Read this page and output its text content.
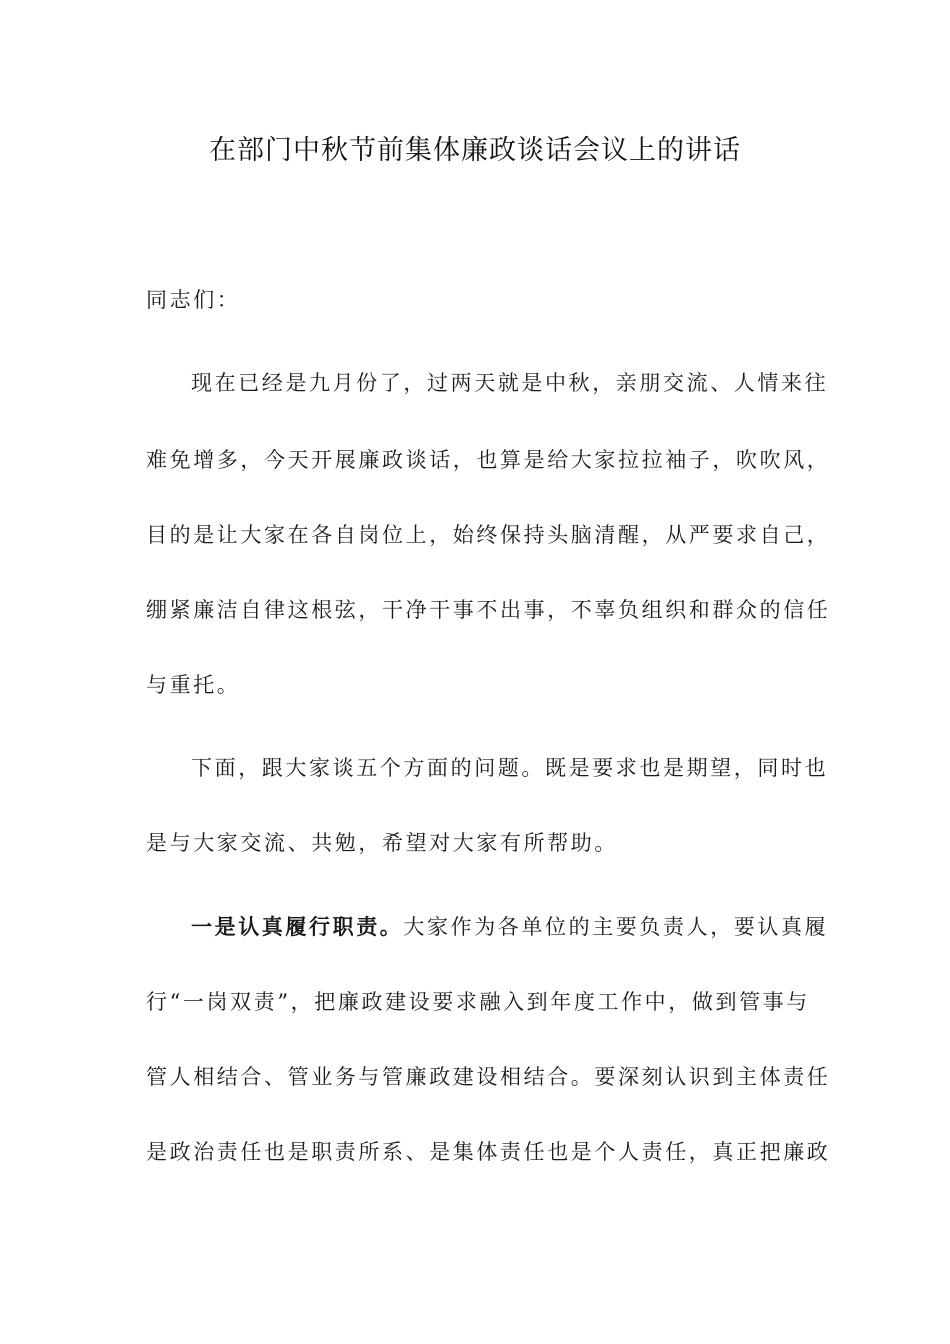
在部门中秋节前集体廉政谈话会议上的讲话
同志们：
现在已经是九月份了，过两天就是中秋，亲朋交流、人情来往
难免增多，今天开展廉政谈话，也算是给大家拉拉袖子，吹吹风，
目的是让大家在各自岗位上，始终保持头脑清醒，从严要求自己，
绷紧廉洁自律这根弦，干净干事不出事，不辜负组织和群众的信任
与重托。
下面，跟大家谈五个方面的问题。既是要求也是期望，同时也
是与大家交流、共勉，希望对大家有所帮助。
一是认真履行职责。大家作为各单位的主要负责人，要认真履
行“一岗双责”，把廉政建设要求融入到年度工作中，做到管事与
管人相结合、管业务与管廉政建设相结合。要深刻认识到主体责任
是政治责任也是职责所系、是集体责任也是个人责任，真正把廉政
